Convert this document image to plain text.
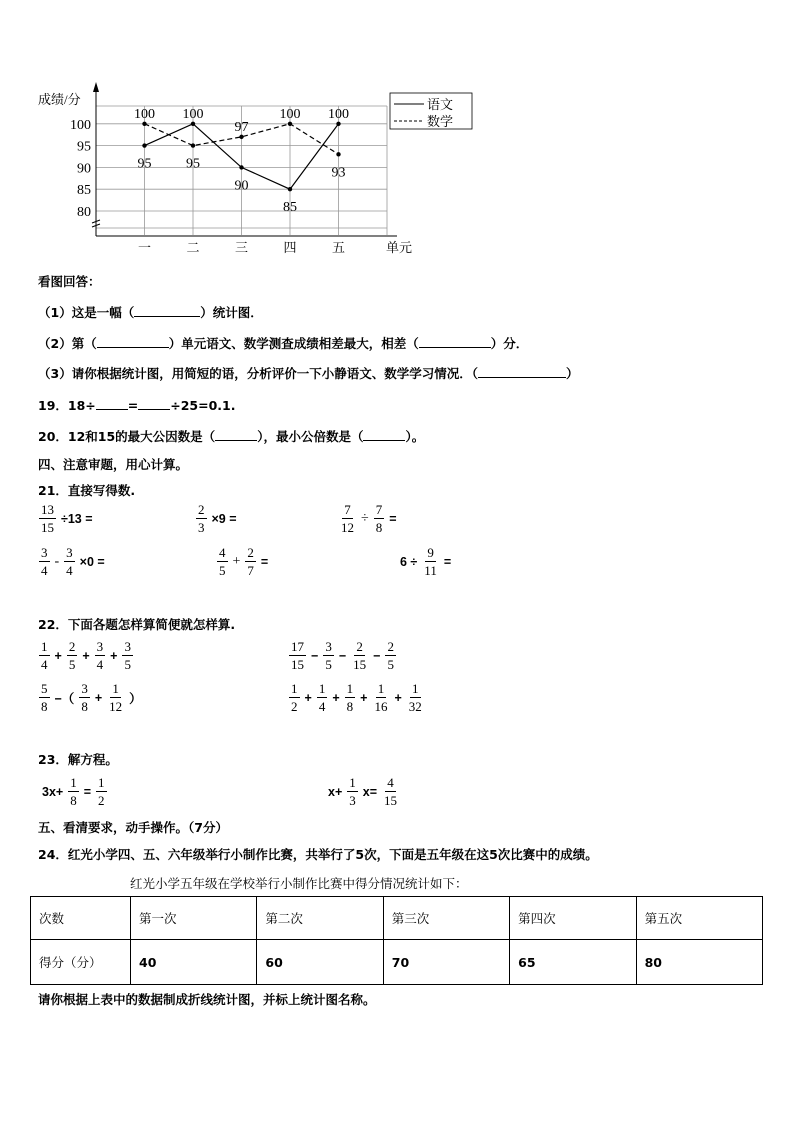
成绩/分
80
85
90
95
100
一	二	三	四	五	单元
95
100
90
85
100
100
95
97
100
93
语文
数学
看图回答：
（1）这是一幅（	）统计图．
（2）第（	）单元语文、数学测查成绩相差最大，相差（	）分．
（3）请你根据统计图，用简短的语，分析评价一下小静语文、数学学习情况．（	）
19．18÷	=	÷25=0.1.
20．12和15的最大公因数是（	），最小公倍数是（	）。
四、注意审题，用心计算。
21．直接写得数.
$\frac{13}{15} \div 13$ =	$\frac{2}{3} \times 9$ =	$\frac{7}{12} \div \frac{7}{8}$ =
$\frac{3}{4} - \frac{3}{4} \times 0$ =	$\frac{4}{5} + \frac{2}{7}$ =	$6 \div \frac{9}{11}$ =
22．下面各题怎样算简便就怎样算.
$\frac{1}{4} + \frac{2}{5} + \frac{3}{4} + \frac{3}{5}$	$\frac{17}{15} - \frac{3}{5} - \frac{2}{15} - \frac{2}{5}$
$\frac{5}{8}$ −（ $\frac{3}{8} + \frac{1}{12}$ ）	$\frac{1}{2} + \frac{1}{4} + \frac{1}{8} + \frac{1}{16} + \frac{1}{32}$
23．解方程。
$3x+ \frac{1}{8} = \frac{1}{2}$	$x+ \frac{1}{3} x= \frac{4}{15}$
五、看清要求，动手操作。（7分）
24．红光小学四、五、六年级举行小制作比赛，共举行了5次，下面是五年级在这5次比赛中的成绩。
红光小学五年级在学校举行小制作比赛中得分情况统计如下：
次数	第一次	第二次	第三次	第四次	第五次
得分（分）	40	60	70	65	80
请你根据上表中的数据制成折线统计图，并标上统计图名称。
